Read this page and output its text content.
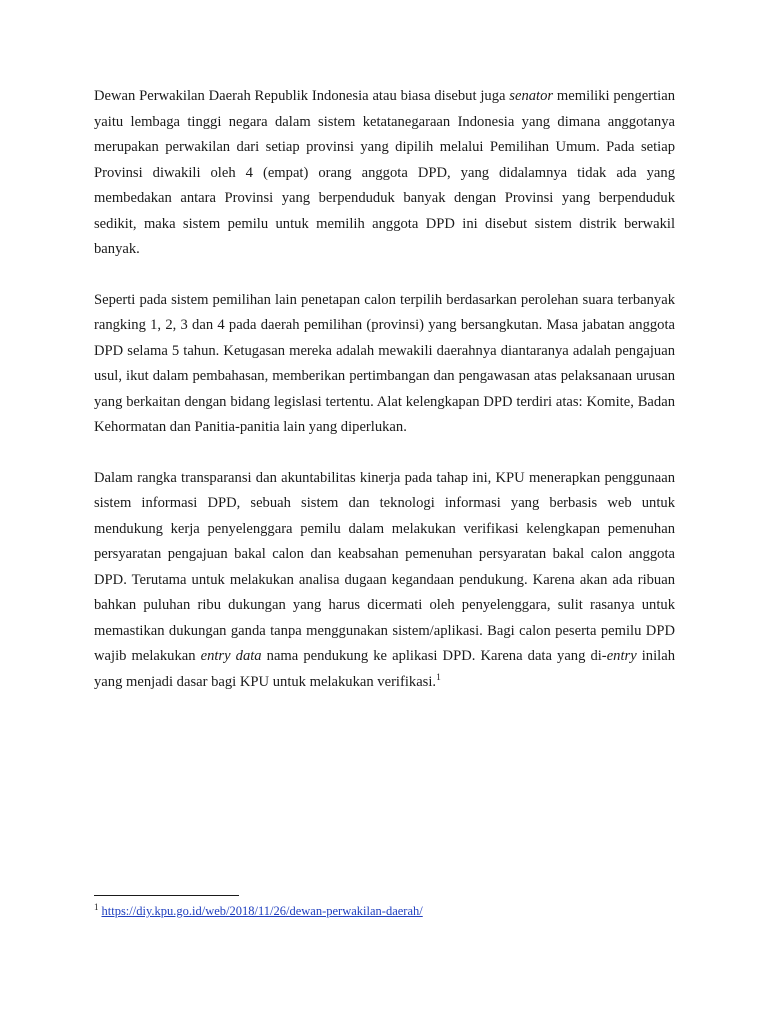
Dewan Perwakilan Daerah Republik Indonesia atau biasa disebut juga senator memiliki pengertian yaitu lembaga tinggi negara dalam sistem ketatanegaraan Indonesia yang dimana anggotanya merupakan perwakilan dari setiap provinsi yang dipilih melalui Pemilihan Umum. Pada setiap Provinsi diwakili oleh 4 (empat) orang anggota DPD, yang didalamnya tidak ada yang membedakan antara Provinsi yang berpenduduk banyak dengan Provinsi yang berpenduduk sedikit, maka sistem pemilu untuk memilih anggota DPD ini disebut sistem distrik berwakil banyak.

Seperti pada sistem pemilihan lain penetapan calon terpilih berdasarkan perolehan suara terbanyak rangking 1, 2, 3 dan 4 pada daerah pemilihan (provinsi) yang bersangkutan. Masa jabatan anggota DPD selama 5 tahun. Ketugasan mereka adalah mewakili daerahnya diantaranya adalah pengajuan usul, ikut dalam pembahasan, memberikan pertimbangan dan pengawasan atas pelaksanaan urusan yang berkaitan dengan bidang legislasi tertentu. Alat kelengkapan DPD terdiri atas: Komite, Badan Kehormatan dan Panitia-panitia lain yang diperlukan.

Dalam rangka transparansi dan akuntabilitas kinerja pada tahap ini, KPU menerapkan penggunaan sistem informasi DPD, sebuah sistem dan teknologi informasi yang berbasis web untuk mendukung kerja penyelenggara pemilu dalam melakukan verifikasi kelengkapan pemenuhan persyaratan pengajuan bakal calon dan keabsahan pemenuhan persyaratan bakal calon anggota DPD. Terutama untuk melakukan analisa dugaan kegandaan pendukung. Karena akan ada ribuan bahkan puluhan ribu dukungan yang harus dicermati oleh penyelenggara, sulit rasanya untuk memastikan dukungan ganda tanpa menggunakan sistem/aplikasi. Bagi calon peserta pemilu DPD wajib melakukan entry data nama pendukung ke aplikasi DPD. Karena data yang di-entry inilah yang menjadi dasar bagi KPU untuk melakukan verifikasi.$^1$

$^1$ https://diy.kpu.go.id/web/2018/11/26/dewan-perwakilan-daerah/
